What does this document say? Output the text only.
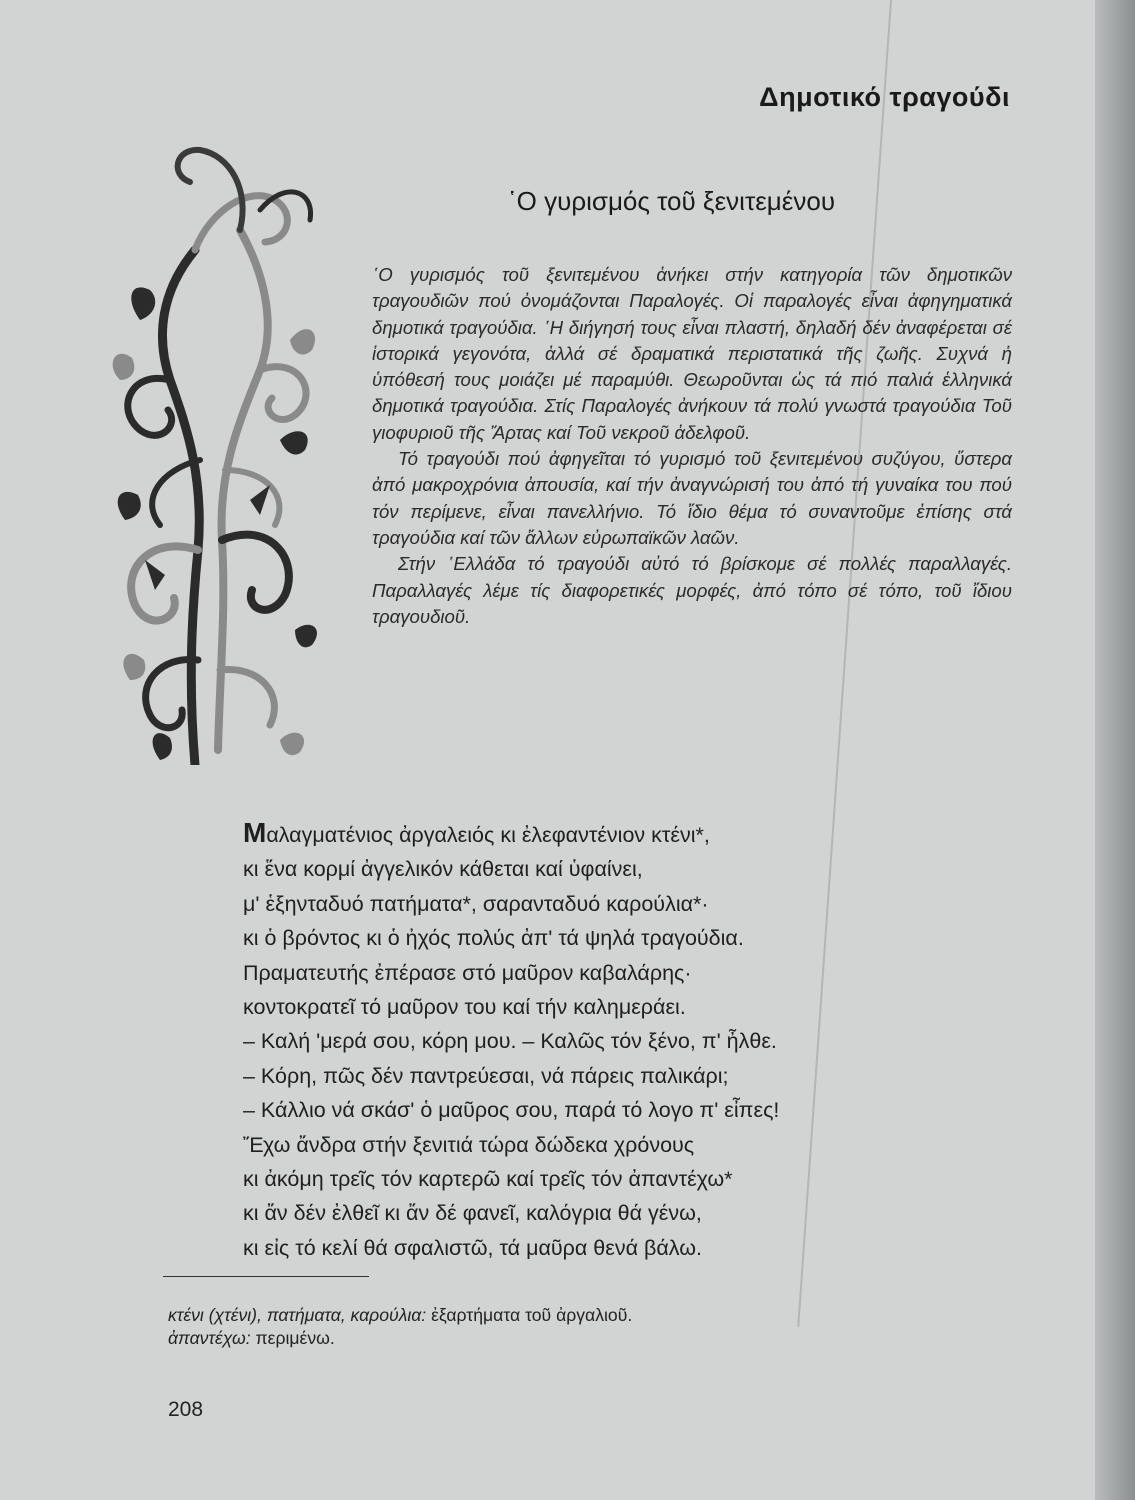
Δημοτικό τραγούδι
῾Ο γυρισμός τοῦ ξενιτεμένου

῾Ο γυρισμός τοῦ ξενιτεμένου ἀνήκει στήν κατηγορία τῶν δημοτικῶν τραγουδιῶν πού ὀνομάζονται Παραλογές. Οἱ παραλογές εἶναι ἀφηγηματικά δημοτικά τραγούδια. ῾Η διήγησή τους εἶναι πλαστή, δηλαδή δέν ἀναφέρεται σέ ἱστορικά γεγονότα, ἀλλά σέ δραματικά περιστατικά τῆς ζωῆς. Συχνά ἡ ὑπόθεσή τους μοιάζει μέ παραμύθι. Θεωροῦνται ὡς τά πιό παλιά ἑλληνικά δημοτικά τραγούδια. Στίς Παραλογές ἀνήκουν τά πολύ γνωστά τραγούδια Τοῦ γιοφυριοῦ τῆς Ἄρτας καί Τοῦ νεκροῦ ἀδελφοῦ.

Τό τραγούδι πού ἀφηγεῖται τό γυρισμό τοῦ ξενιτεμένου συζύγου, ὕστερα ἀπό μακροχρόνια ἀπουσία, καί τήν ἀναγνώρισή του ἀπό τή γυναίκα του πού τόν περίμενε, εἶναι πανελλήνιο. Τό ἴδιο θέμα τό συναντοῦμε ἐπίσης στά τραγούδια καί τῶν ἄλλων εὐρωπαϊκῶν λαῶν.

Στήν ῾Ελλάδα τό τραγούδι αὐτό τό βρίσκομε σέ πολλές παραλλαγές. Παραλλαγές λέμε τίς διαφορετικές μορφές, ἀπό τόπο σέ τόπο, τοῦ ἴδιου τραγουδιοῦ.

Μαλαγματένιος ἀργαλειός κι ἐλεφαντένιον κτένι*,
κι ἕνα κορμί ἀγγελικόν κάθεται καί ὑφαίνει,
μ' ἑξηνταδυό πατήματα*, σαρανταδυό καρούλια*·
κι ὁ βρόντος κι ὁ ἠχός πολύς ἀπ' τά ψηλά τραγούδια.
Πραματευτής ἐπέρασε στό μαῦρον καβαλάρης·
κοντοκρατεῖ τό μαῦρον του καί τήν καλημεράει.
– Καλή 'μερά σου, κόρη μου. – Καλῶς τόν ξένο, π' ἦλθε.
– Κόρη, πῶς δέν παντρεύεσαι, νά πάρεις παλικάρι;
– Κάλλιο νά σκάσ' ὁ μαῦρος σου, παρά τό λογο π' εἶπες!
Ἔχω ἄνδρα στήν ξενιτιά τώρα δώδεκα χρόνους
κι ἀκόμη τρεῖς τόν καρτερῶ καί τρεῖς τόν ἀπαντέχω*
κι ἄν δέν ἐλθεῖ κι ἄν δέ φανεῖ, καλόγρια θά γένω,
κι εἰς τό κελί θά σφαλιστῶ, τά μαῦρα θενά βάλω.
κτένι (χτένι), πατήματα, καρούλια: ἐξαρτήματα τοῦ ἀργαλιοῦ.
ἀπαντέχω: περιμένω.
208
